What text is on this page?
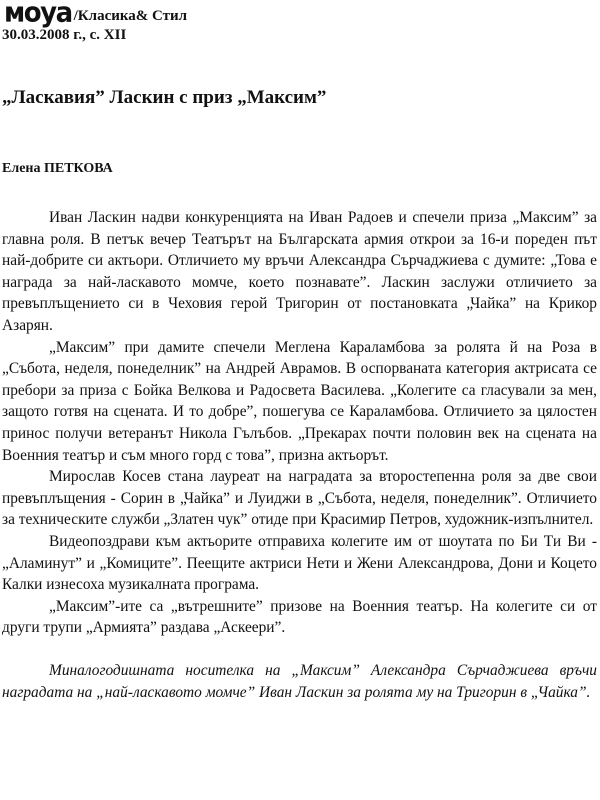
моуа /Класика& Стил
30.03.2008 г., с. XII
„Ласкавия” Ласкин с приз „Максим”
Елена ПЕТКОВА

Иван Ласкин надви конкуренцията на Иван Радоев и спечели приза „Максим” за главна роля. В петък вечер Театърът на Българската армия открои за 16-и пореден път най-добрите си актьори. Отличието му връчи Александра Сърчаджиева с думите: „Това е награда за най-ласкавото момче, което познавате”. Ласкин заслужи отличието за превъплъщението си в Чеховия герой Тригорин от постановката „Чайка” на Крикор Азарян.

„Максим” при дамите спечели Меглена Караламбова за ролята й на Роза в „Събота, неделя, понеделник” на Андрей Аврамов. В оспорваната категория актрисата се пребори за приза с Бойка Велкова и Радосвета Василева. „Колегите са гласували за мен, защото готвя на сцената. И то добре”, пошегува се Караламбова. Отличието за цялостен принос получи ветеранът Никола Гълъбов. „Прекарах почти половин век на сцената на Военния театър и съм много горд с това”, призна актьорът.

Мирослав Косев стана лауреат на наградата за второстепенна роля за две свои превъплъщения - Сорин в „Чайка” и Луиджи в „Събота, неделя, понеделник”. Отличието за техническите служби „Златен чук” отиде при Красимир Петров, художник-изпълнител.

Видеопоздрави към актьорите отправиха колегите им от шоутата по Би Ти Ви - „Аламинут” и „Комиците”. Пеещите актриси Нети и Жени Александрова, Дони и Коцето Калки изнесоха музикалната програма.

„Максим”-ите са „вътрешните” призове на Военния театър. На колегите си от други трупи „Армията” раздава „Аскеери”.

Миналогодишната носителка на „Максим” Александра Сърчаджиева връчи наградата на „най-ласкавото момче” Иван Ласкин за ролята му на Тригорин в „Чайка”.
